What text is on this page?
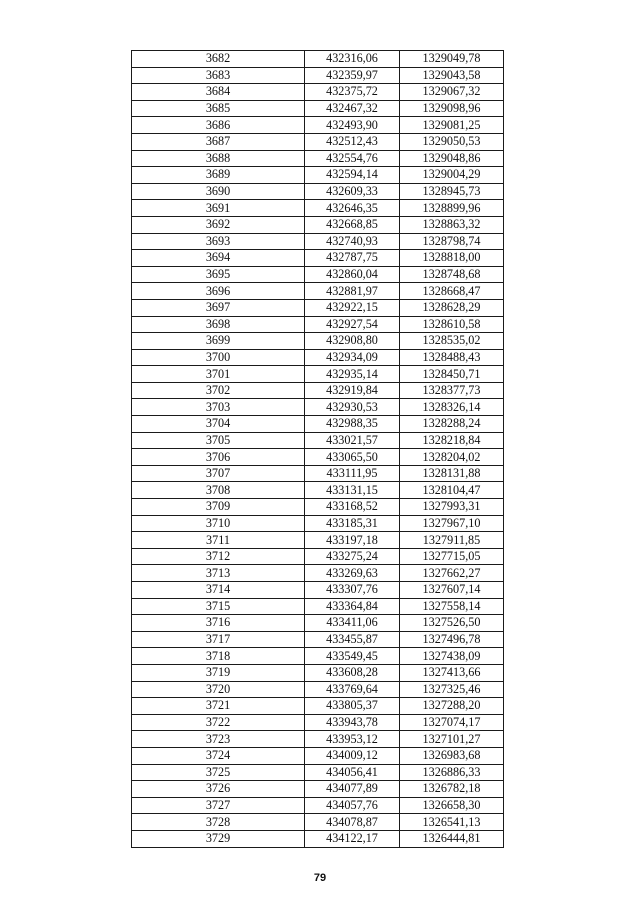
3682	432316,06	1329049,78
3683	432359,97	1329043,58
3684	432375,72	1329067,32
3685	432467,32	1329098,96
3686	432493,90	1329081,25
3687	432512,43	1329050,53
3688	432554,76	1329048,86
3689	432594,14	1329004,29
3690	432609,33	1328945,73
3691	432646,35	1328899,96
3692	432668,85	1328863,32
3693	432740,93	1328798,74
3694	432787,75	1328818,00
3695	432860,04	1328748,68
3696	432881,97	1328668,47
3697	432922,15	1328628,29
3698	432927,54	1328610,58
3699	432908,80	1328535,02
3700	432934,09	1328488,43
3701	432935,14	1328450,71
3702	432919,84	1328377,73
3703	432930,53	1328326,14
3704	432988,35	1328288,24
3705	433021,57	1328218,84
3706	433065,50	1328204,02
3707	433111,95	1328131,88
3708	433131,15	1328104,47
3709	433168,52	1327993,31
3710	433185,31	1327967,10
3711	433197,18	1327911,85
3712	433275,24	1327715,05
3713	433269,63	1327662,27
3714	433307,76	1327607,14
3715	433364,84	1327558,14
3716	433411,06	1327526,50
3717	433455,87	1327496,78
3718	433549,45	1327438,09
3719	433608,28	1327413,66
3720	433769,64	1327325,46
3721	433805,37	1327288,20
3722	433943,78	1327074,17
3723	433953,12	1327101,27
3724	434009,12	1326983,68
3725	434056,41	1326886,33
3726	434077,89	1326782,18
3727	434057,76	1326658,30
3728	434078,87	1326541,13
3729	434122,17	1326444,81
79
